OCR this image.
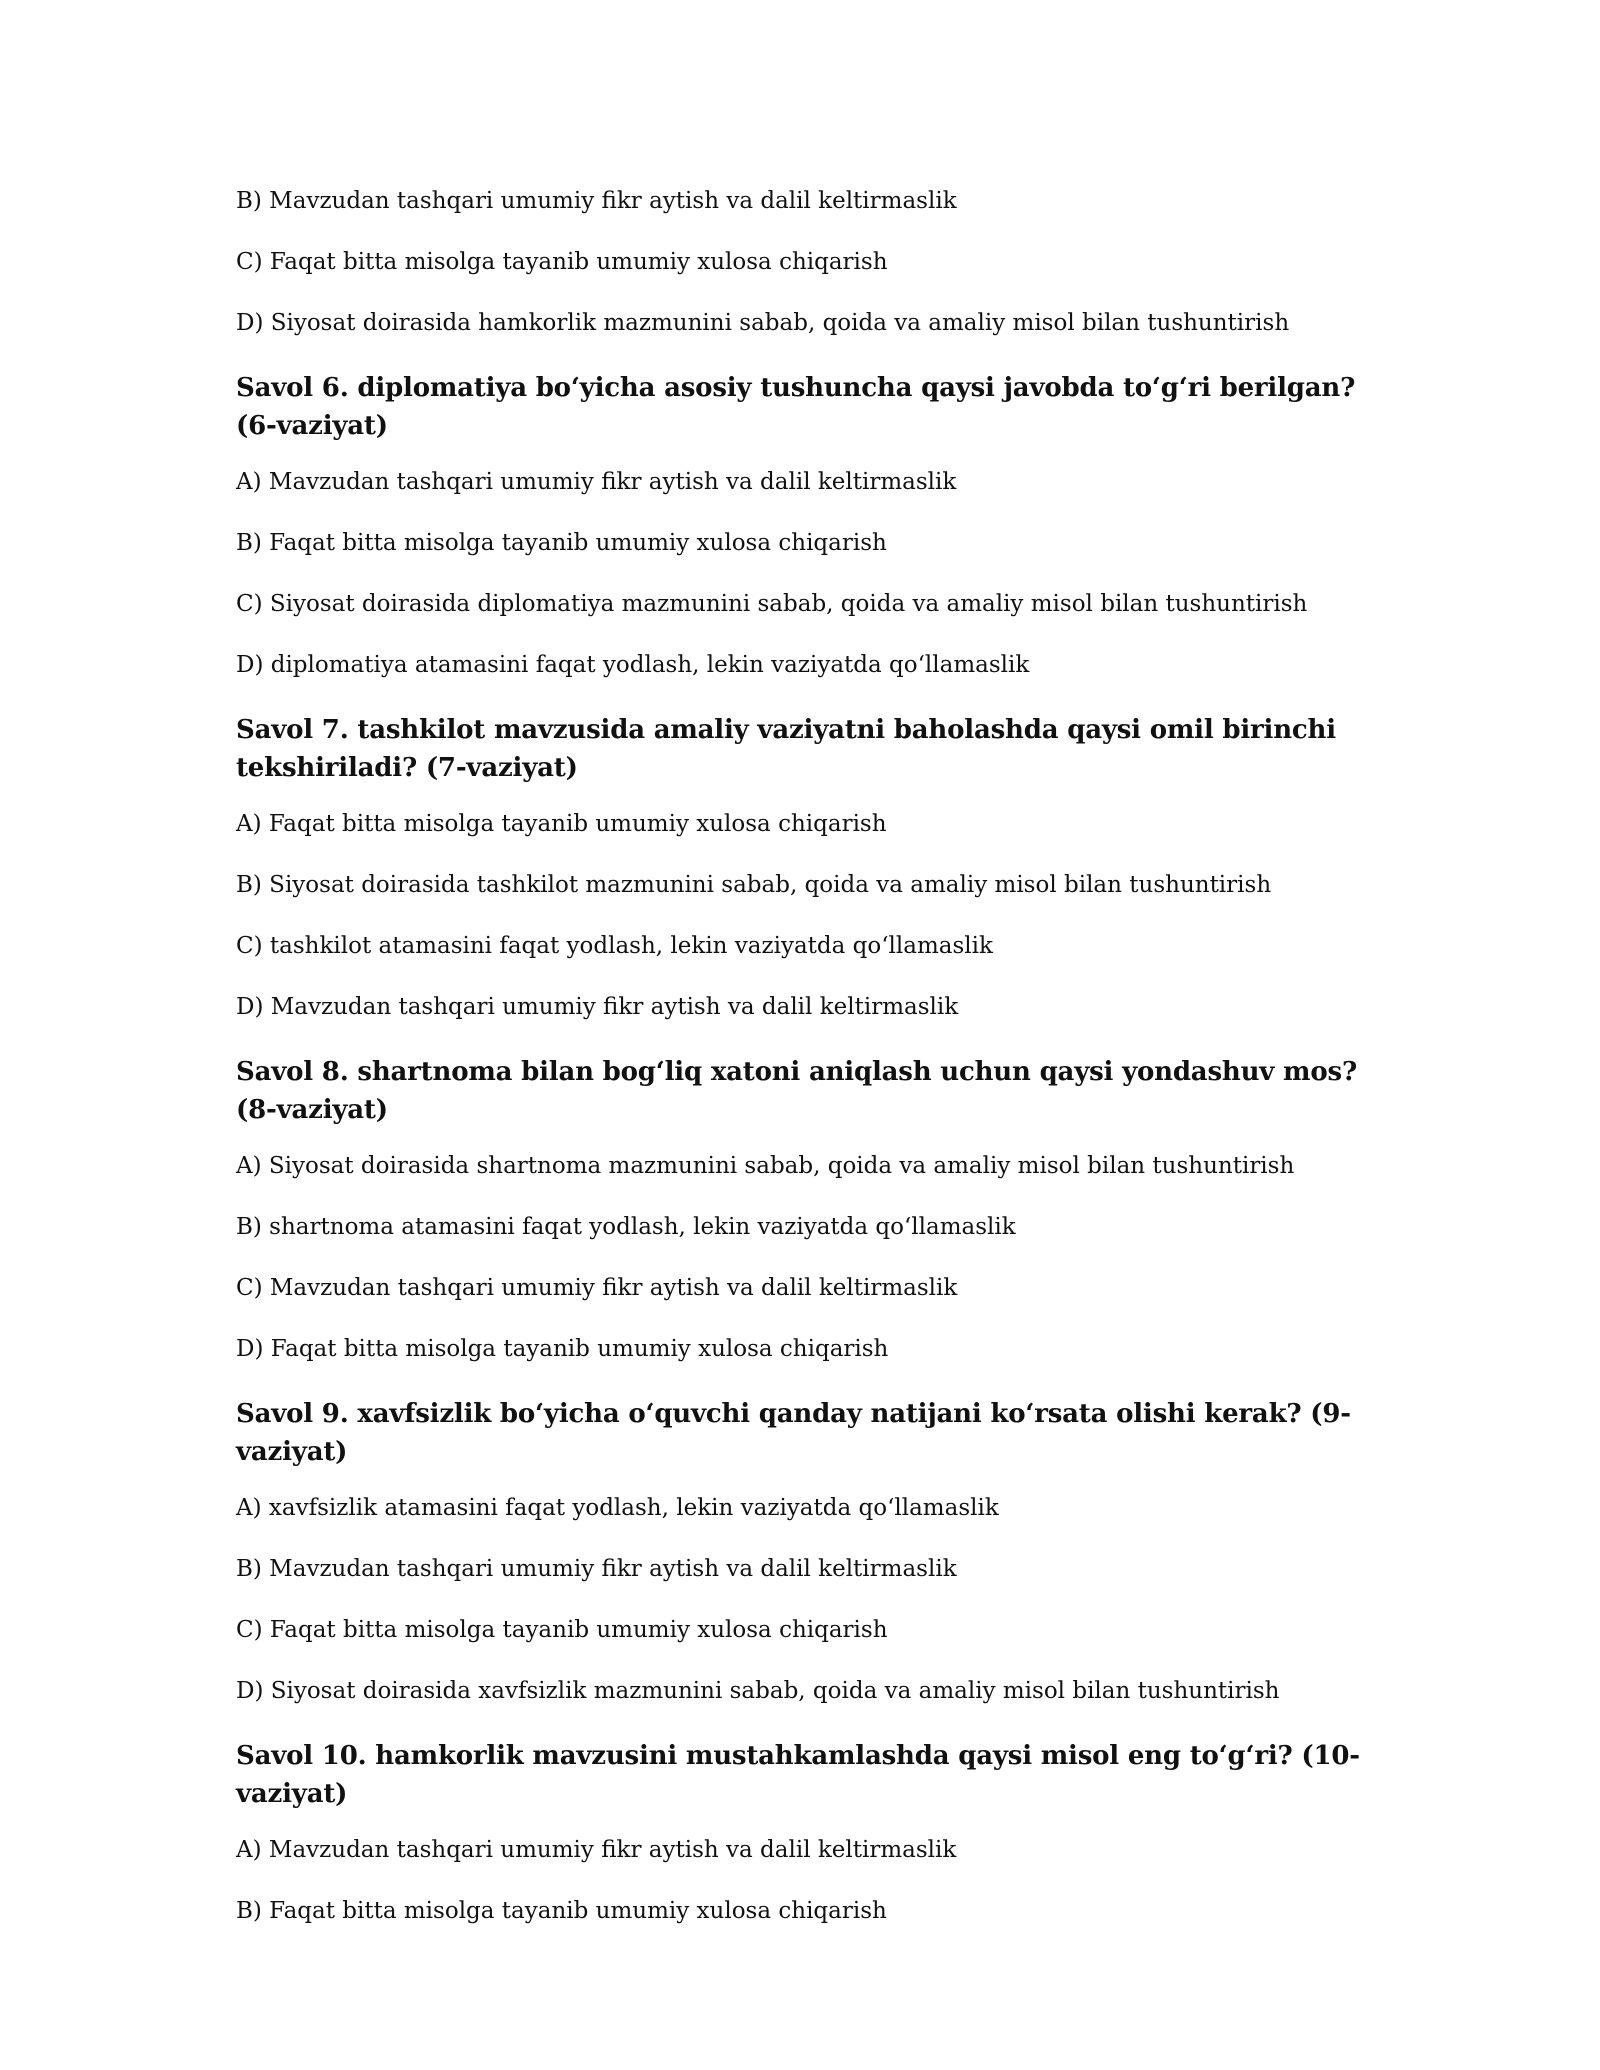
B) Mavzudan tashqari umumiy fikr aytish va dalil keltirmaslik

C) Faqat bitta misolga tayanib umumiy xulosa chiqarish

D) Siyosat doirasida hamkorlik mazmunini sabab, qoida va amaliy misol bilan tushuntirish

Savol 6. diplomatiya bo‘yicha asosiy tushuncha qaysi javobda to‘g‘ri berilgan? (6-vaziyat)

A) Mavzudan tashqari umumiy fikr aytish va dalil keltirmaslik

B) Faqat bitta misolga tayanib umumiy xulosa chiqarish

C) Siyosat doirasida diplomatiya mazmunini sabab, qoida va amaliy misol bilan tushuntirish

D) diplomatiya atamasini faqat yodlash, lekin vaziyatda qo‘llamaslik

Savol 7. tashkilot mavzusida amaliy vaziyatni baholashda qaysi omil birinchi tekshiriladi? (7-vaziyat)

A) Faqat bitta misolga tayanib umumiy xulosa chiqarish

B) Siyosat doirasida tashkilot mazmunini sabab, qoida va amaliy misol bilan tushuntirish

C) tashkilot atamasini faqat yodlash, lekin vaziyatda qo‘llamaslik

D) Mavzudan tashqari umumiy fikr aytish va dalil keltirmaslik

Savol 8. shartnoma bilan bog‘liq xatoni aniqlash uchun qaysi yondashuv mos? (8-vaziyat)

A) Siyosat doirasida shartnoma mazmunini sabab, qoida va amaliy misol bilan tushuntirish

B) shartnoma atamasini faqat yodlash, lekin vaziyatda qo‘llamaslik

C) Mavzudan tashqari umumiy fikr aytish va dalil keltirmaslik

D) Faqat bitta misolga tayanib umumiy xulosa chiqarish

Savol 9. xavfsizlik bo‘yicha o‘quvchi qanday natijani ko‘rsata olishi kerak? (9-vaziyat)

A) xavfsizlik atamasini faqat yodlash, lekin vaziyatda qo‘llamaslik

B) Mavzudan tashqari umumiy fikr aytish va dalil keltirmaslik

C) Faqat bitta misolga tayanib umumiy xulosa chiqarish

D) Siyosat doirasida xavfsizlik mazmunini sabab, qoida va amaliy misol bilan tushuntirish

Savol 10. hamkorlik mavzusini mustahkamlashda qaysi misol eng to‘g‘ri? (10-vaziyat)

A) Mavzudan tashqari umumiy fikr aytish va dalil keltirmaslik

B) Faqat bitta misolga tayanib umumiy xulosa chiqarish
